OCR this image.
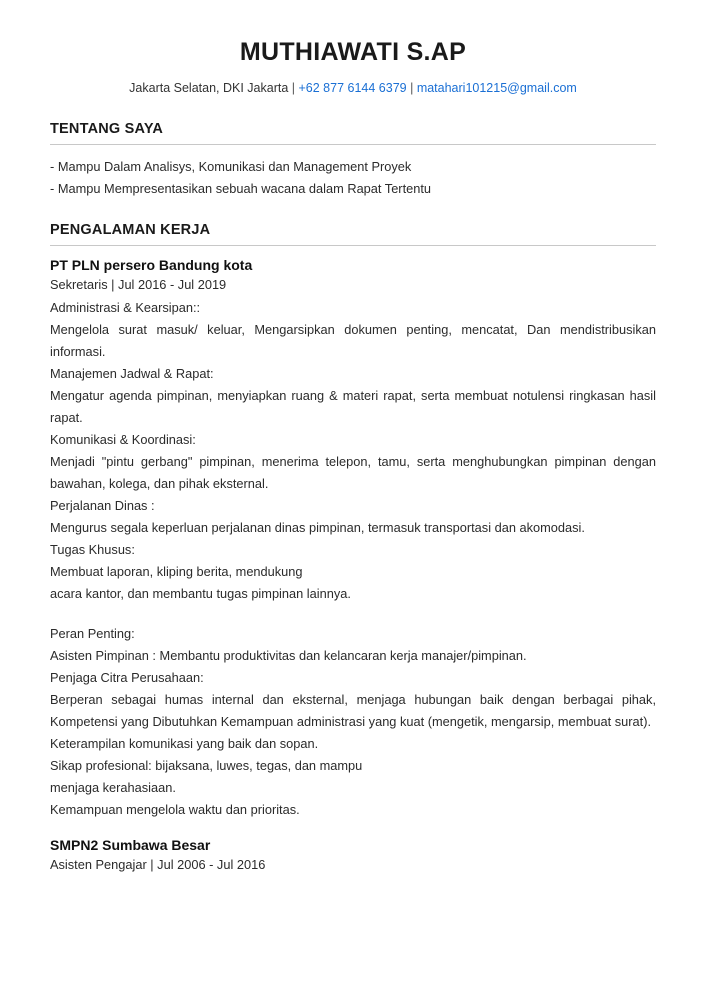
MUTHIAWATI S.AP
Jakarta Selatan, DKI Jakarta | +62 877 6144 6379 | matahari101215@gmail.com
TENTANG SAYA
- Mampu Dalam Analisys, Komunikasi dan Management Proyek
- Mampu Mempresentasikan sebuah wacana dalam Rapat Tertentu
PENGALAMAN KERJA
PT PLN persero Bandung kota
Sekretaris | Jul 2016 - Jul 2019

Administrasi & Kearsipan::

Mengelola surat masuk/ keluar, Mengarsipkan dokumen penting, mencatat, Dan mendistribusikan informasi.

Manajemen Jadwal & Rapat:

Mengatur agenda pimpinan, menyiapkan ruang & materi rapat, serta membuat notulensi ringkasan hasil rapat.

Komunikasi & Koordinasi:

Menjadi "pintu gerbang" pimpinan, menerima telepon, tamu, serta menghubungkan pimpinan dengan bawahan, kolega, dan pihak eksternal.

Perjalanan Dinas :

Mengurus segala keperluan perjalanan dinas pimpinan, termasuk transportasi dan akomodasi.

Tugas Khusus:

Membuat laporan, kliping berita, mendukung

acara kantor, dan membantu tugas pimpinan lainnya.

Peran Penting:

Asisten Pimpinan : Membantu produktivitas dan kelancaran kerja manajer/pimpinan.

Penjaga Citra Perusahaan:

Berperan sebagai humas internal dan eksternal, menjaga hubungan baik dengan berbagai pihak, Kompetensi yang Dibutuhkan Kemampuan administrasi yang kuat (mengetik, mengarsip, membuat surat).

Keterampilan komunikasi yang baik dan sopan.

Sikap profesional: bijaksana, luwes, tegas, dan mampu

menjaga kerahasiaan.

Kemampuan mengelola waktu dan prioritas.

SMPN2 Sumbawa Besar
Asisten Pengajar | Jul 2006 - Jul 2016
